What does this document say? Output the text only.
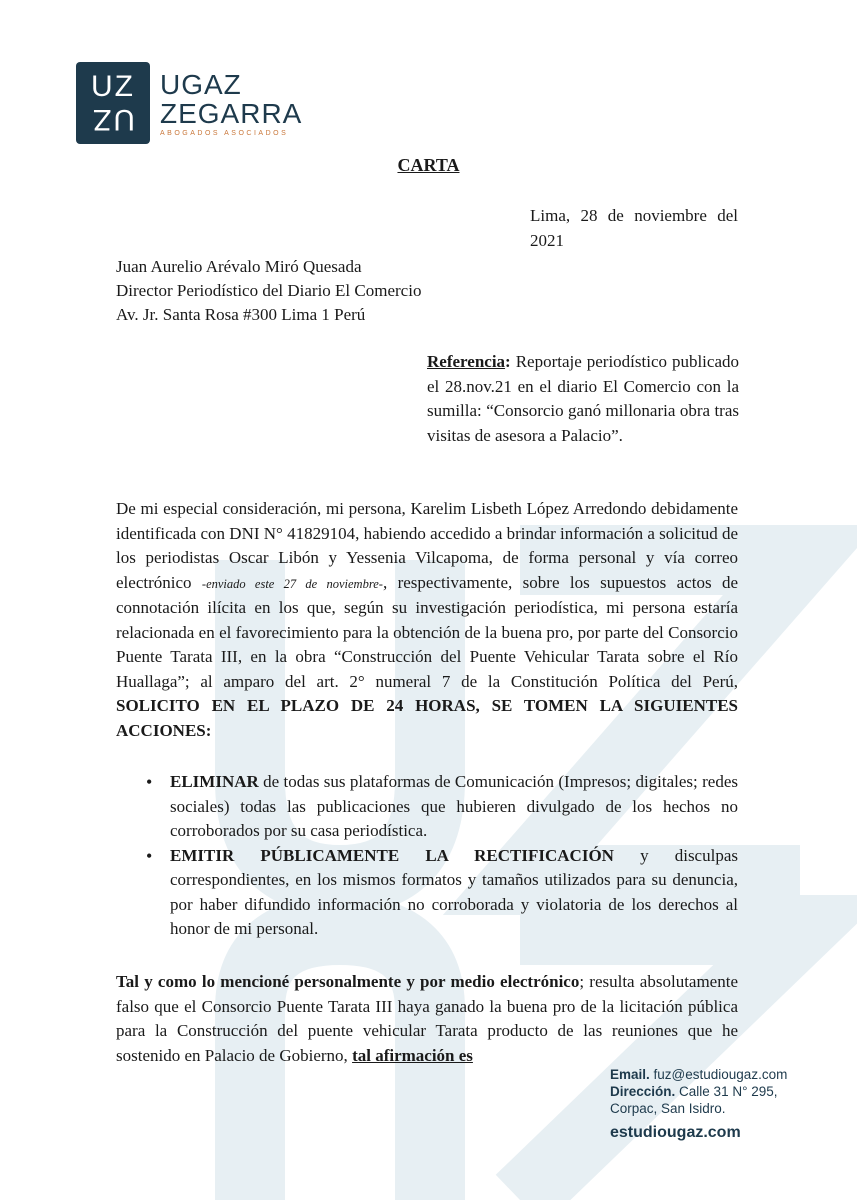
UZ
UZ
UGAZ
ZEGARRA
ABOGADOS ASOCIADOS
CARTA
Lima, 28 de noviembre del 2021
Juan Aurelio Arévalo Miró Quesada
Director Periodístico del Diario El Comercio
Av. Jr. Santa Rosa #300 Lima 1 Perú
Referencia: Reportaje periodístico publicado el 28.nov.21 en el diario El Comercio con la sumilla: “Consorcio ganó millonaria obra tras visitas de asesora a Palacio”.
De mi especial consideración, mi persona, Karelim Lisbeth López Arredondo debidamente identificada con DNI N° 41829104, habiendo accedido a brindar información a solicitud de los periodistas Oscar Libón y Yessenia Vilcapoma, de forma personal y vía correo electrónico -enviado este 27 de noviembre-, respectivamente, sobre los supuestos actos de connotación ilícita en los que, según su investigación periodística, mi persona estaría relacionada en el favorecimiento para la obtención de la buena pro, por parte del Consorcio Puente Tarata III, en la obra “Construcción del Puente Vehicular Tarata sobre el Río Huallaga”; al amparo del art. 2° numeral 7 de la Constitución Política del Perú, SOLICITO EN EL PLAZO DE 24 HORAS, SE TOMEN LA SIGUIENTES ACCIONES:
• ELIMINAR de todas sus plataformas de Comunicación (Impresos; digitales; redes sociales) todas las publicaciones que hubieren divulgado de los hechos no corroborados por su casa periodística.
• EMITIR PÚBLICAMENTE LA RECTIFICACIÓN y disculpas correspondientes, en los mismos formatos y tamaños utilizados para su denuncia, por haber difundido información no corroborada y violatoria de los derechos al honor de mi personal.
Tal y como lo mencioné personalmente y por medio electrónico; resulta absolutamente falso que el Consorcio Puente Tarata III haya ganado la buena pro de la licitación pública para la Construcción del puente vehicular Tarata producto de las reuniones que he sostenido en Palacio de Gobierno, tal afirmación es
Email. fuz@estudiougaz.com
Dirección. Calle 31 N° 295,
Corpac, San Isidro.
estudiougaz.com
